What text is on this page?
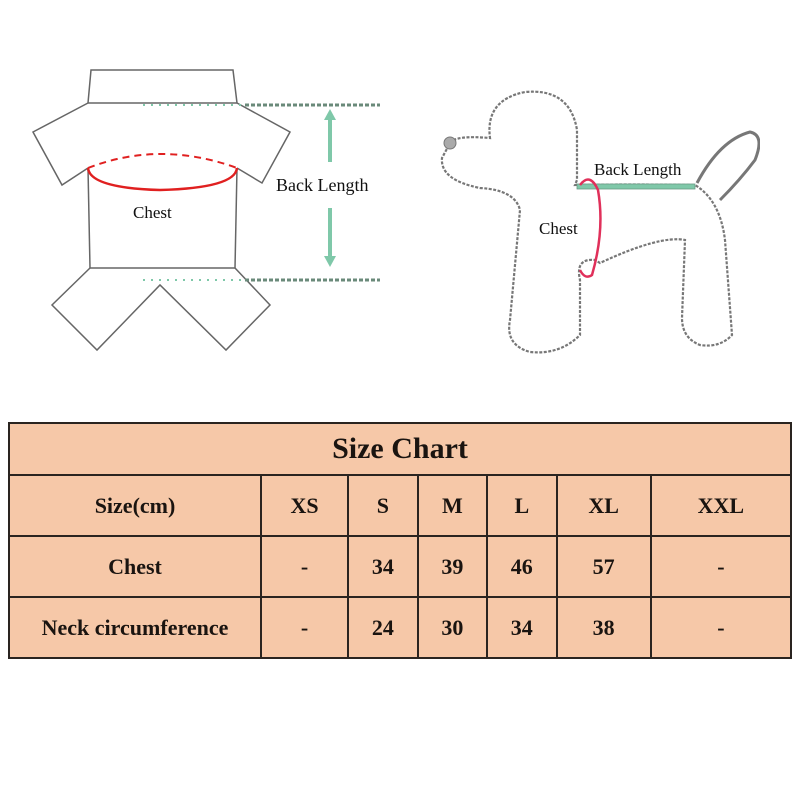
Chest
Back Length
Back Length
Chest
Size Chart						
Size(cm)	XS	S	M	L	XL	XXL
Chest	-	34	39	46	57	-
Neck circumference	-	24	30	34	38	-
